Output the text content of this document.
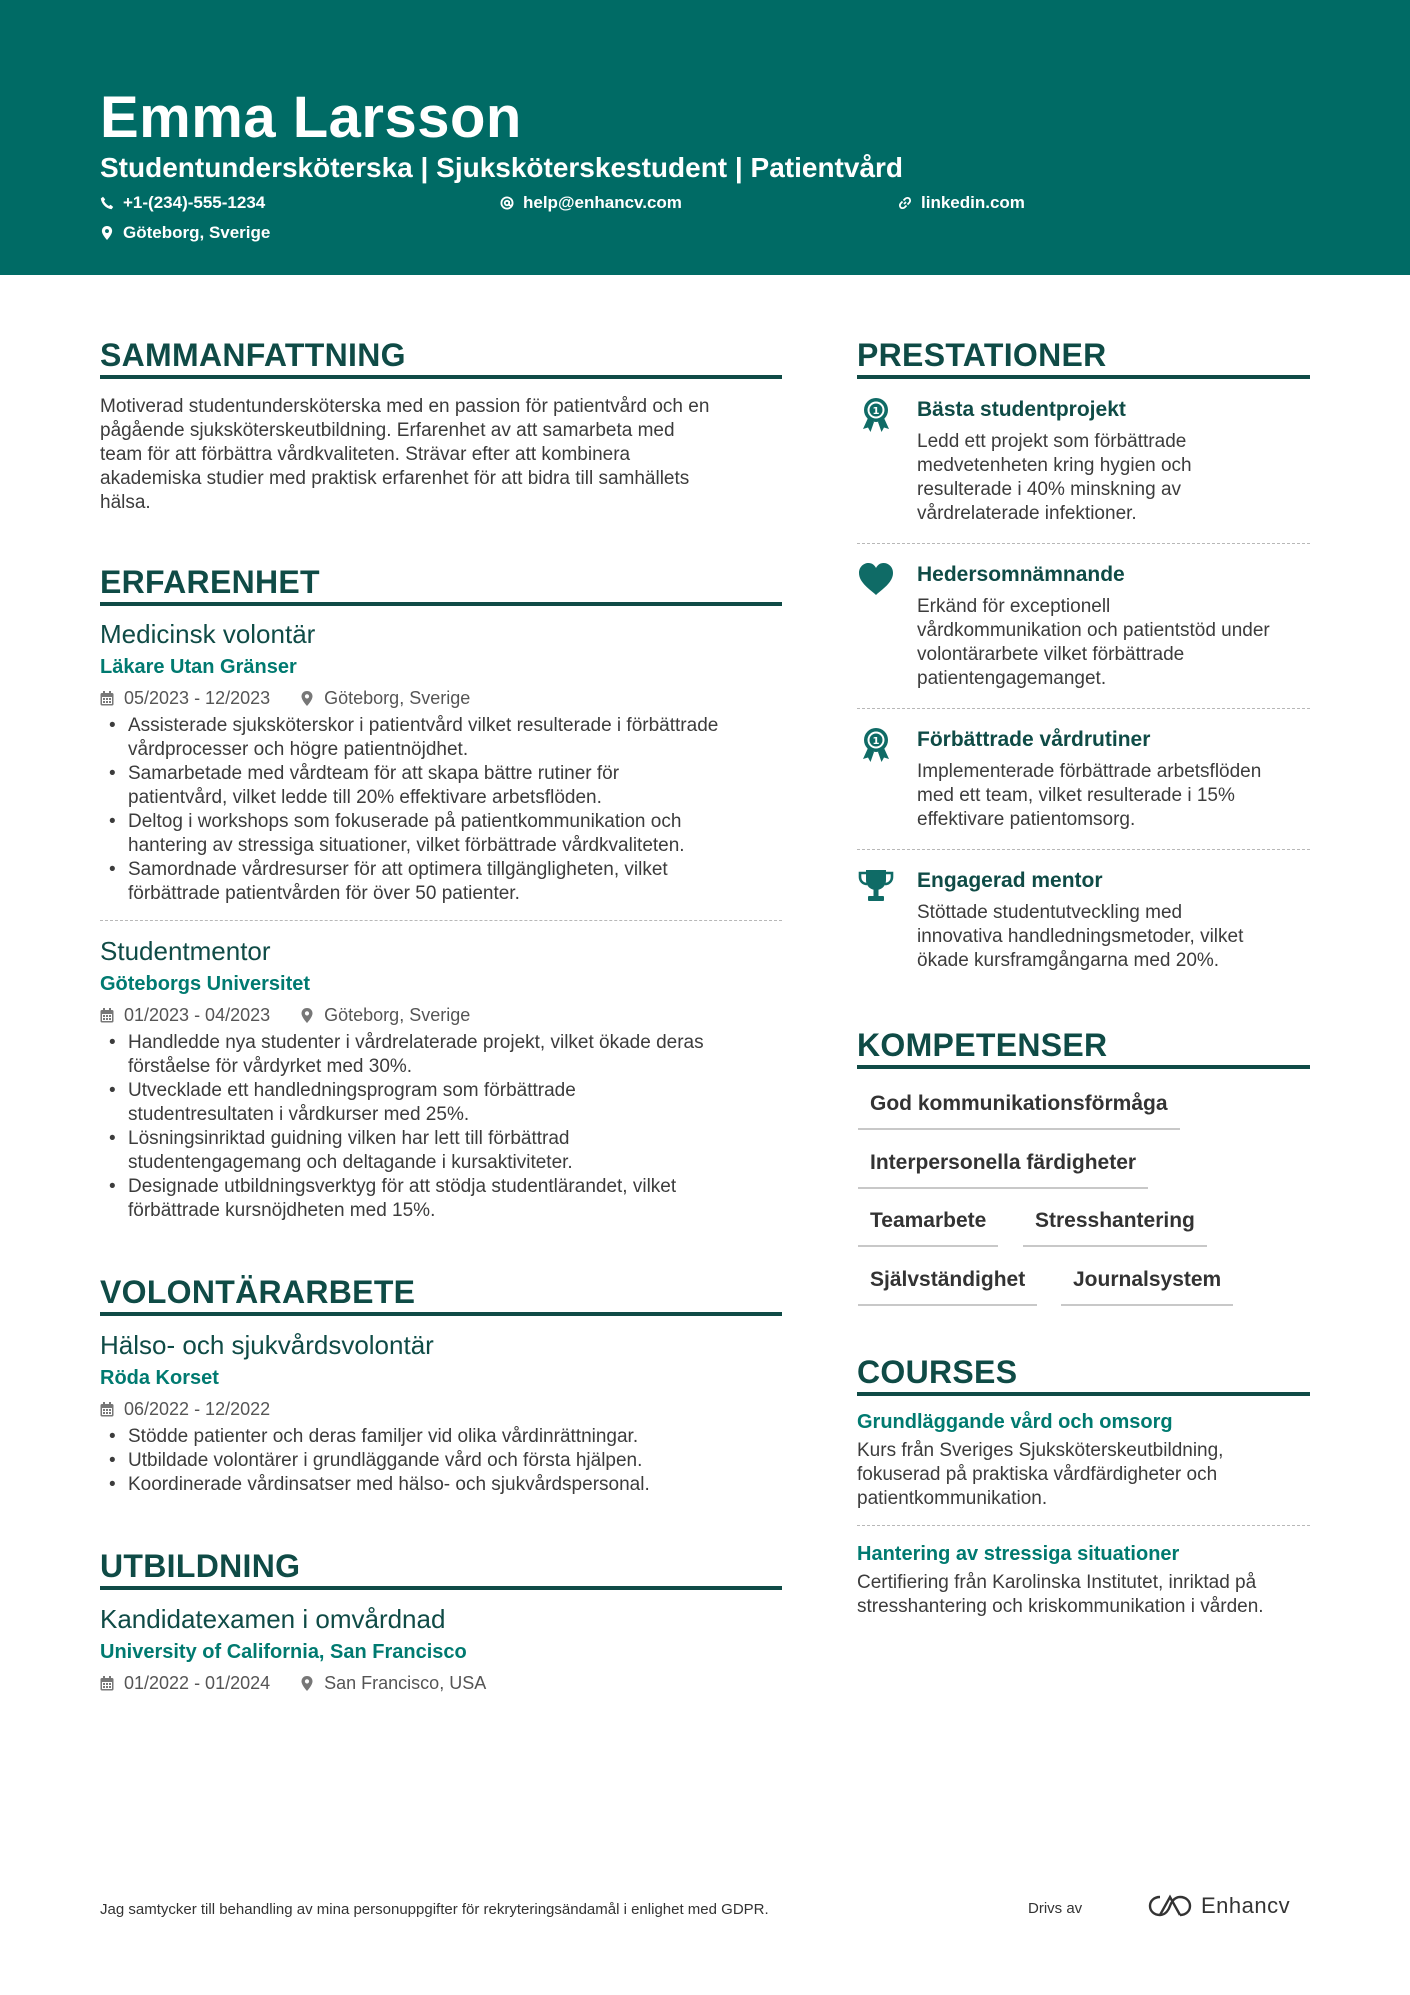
Emma Larsson
Studentundersköterska | Sjuksköterskestudent | Patientvård
+1-(234)-555-1234	help@enhancv.com	linkedin.com
Göteborg, Sverige
SAMMANFATTNING
Motiverad studentundersköterska med en passion för patientvård och en
pågående sjuksköterskeutbildning. Erfarenhet av att samarbeta med
team för att förbättra vårdkvaliteten. Strävar efter att kombinera
akademiska studier med praktisk erfarenhet för att bidra till samhällets
hälsa.
ERFARENHET
Medicinsk volontär
Läkare Utan Gränser
05/2023 - 12/2023	Göteborg, Sverige
• Assisterade sjuksköterskor i patientvård vilket resulterade i förbättrade
vårdprocesser och högre patientnöjdhet.
• Samarbetade med vårdteam för att skapa bättre rutiner för
patientvård, vilket ledde till 20% effektivare arbetsflöden.
• Deltog i workshops som fokuserade på patientkommunikation och
hantering av stressiga situationer, vilket förbättrade vårdkvaliteten.
• Samordnade vårdresurser för att optimera tillgängligheten, vilket
förbättrade patientvården för över 50 patienter.
Studentmentor
Göteborgs Universitet
01/2023 - 04/2023	Göteborg, Sverige
• Handledde nya studenter i vårdrelaterade projekt, vilket ökade deras
förståelse för vårdyrket med 30%.
• Utvecklade ett handledningsprogram som förbättrade
studentresultaten i vårdkurser med 25%.
• Lösningsinriktad guidning vilken har lett till förbättrad
studentengagemang och deltagande i kursaktiviteter.
• Designade utbildningsverktyg för att stödja studentlärandet, vilket
förbättrade kursnöjdheten med 15%.
VOLONTÄRARBETE
Hälso- och sjukvårdsvolontär
Röda Korset
06/2022 - 12/2022
• Stödde patienter och deras familjer vid olika vårdinrättningar.
• Utbildade volontärer i grundläggande vård och första hjälpen.
• Koordinerade vårdinsatser med hälso- och sjukvårdspersonal.
UTBILDNING
Kandidatexamen i omvårdnad
University of California, San Francisco
01/2022 - 01/2024	San Francisco, USA
PRESTATIONER
Bästa studentprojekt
Ledd ett projekt som förbättrade
medvetenheten kring hygien och
resulterade i 40% minskning av
vårdrelaterade infektioner.
Hedersomnämnande
Erkänd för exceptionell
vårdkommunikation och patientstöd under
volontärarbete vilket förbättrade
patientengagemanget.
Förbättrade vårdrutiner
Implementerade förbättrade arbetsflöden
med ett team, vilket resulterade i 15%
effektivare patientomsorg.
Engagerad mentor
Stöttade studentutveckling med
innovativa handledningsmetoder, vilket
ökade kursframgångarna med 20%.
KOMPETENSER
God kommunikationsförmåga
Interpersonella färdigheter
Teamarbete	Stresshantering
Självständighet	Journalsystem
COURSES
Grundläggande vård och omsorg
Kurs från Sveriges Sjuksköterskeutbildning,
fokuserad på praktiska vårdfärdigheter och
patientkommunikation.
Hantering av stressiga situationer
Certifiering från Karolinska Institutet, inriktad på
stresshantering och kriskommunikation i vården.
Jag samtycker till behandling av mina personuppgifter för rekryteringsändamål i enlighet med GDPR.	Drivs av	Enhancv
